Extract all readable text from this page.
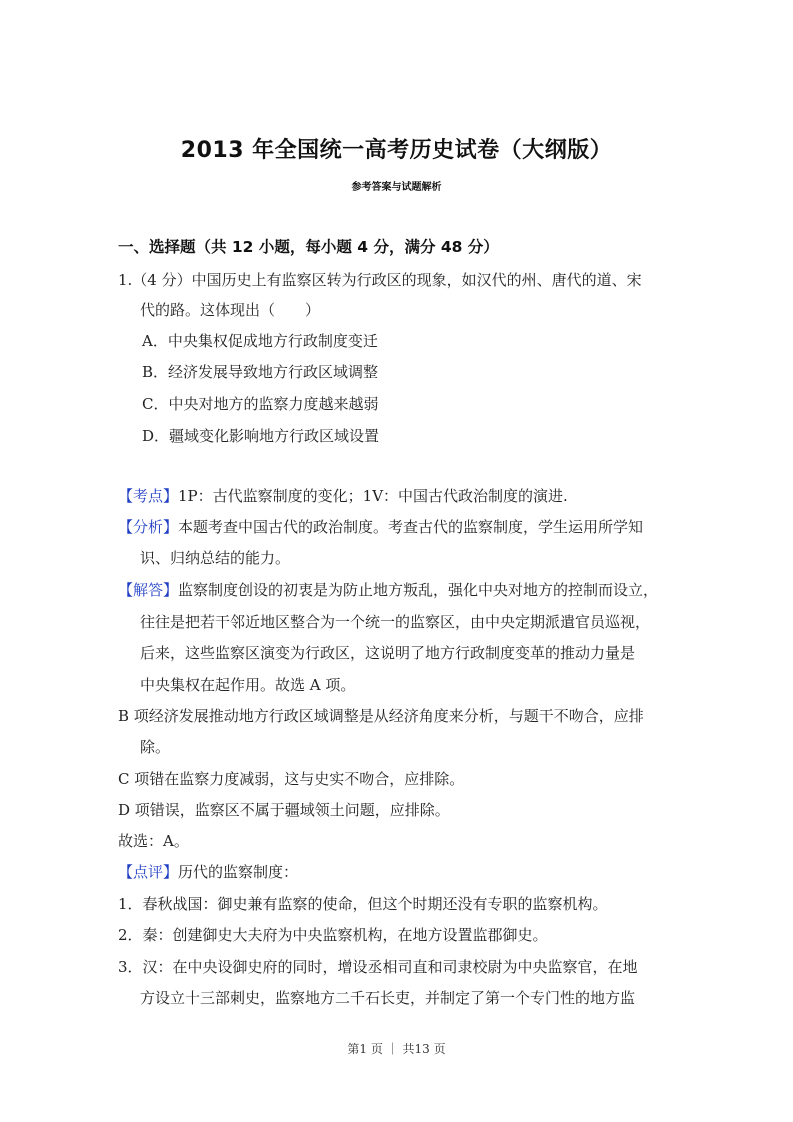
2013 年全国统一高考历史试卷（大纲版）
参考答案与试题解析
一、选择题（共 12 小题，每小题 4 分，满分 48 分）
1.（4 分）中国历史上有监察区转为行政区的现象，如汉代的州、唐代的道、宋
代的路。这体现出（　　）
A．中央集权促成地方行政制度变迁
B．经济发展导致地方行政区域调整
C．中央对地方的监察力度越来越弱
D．疆域变化影响地方行政区域设置
【考点】1P：古代监察制度的变化；1V：中国古代政治制度的演进.
【分析】本题考查中国古代的政治制度。考查古代的监察制度，学生运用所学知
识、归纳总结的能力。
【解答】监察制度创设的初衷是为防止地方叛乱，强化中央对地方的控制而设立，
往往是把若干邻近地区整合为一个统一的监察区，由中央定期派遣官员巡视，
后来，这些监察区演变为行政区，这说明了地方行政制度变革的推动力量是
中央集权在起作用。故选 A 项。
B 项经济发展推动地方行政区域调整是从经济角度来分析，与题干不吻合，应排
除。
C 项错在监察力度减弱，这与史实不吻合，应排除。
D 项错误，监察区不属于疆域领土问题，应排除。
故选：A。
【点评】历代的监察制度：
1．春秋战国：御史兼有监察的使命，但这个时期还没有专职的监察机构。
2．秦：创建御史大夫府为中央监察机构，在地方设置监郡御史。
3．汉：在中央设御史府的同时，增设丞相司直和司隶校尉为中央监察官，在地
方设立十三部刺史，监察地方二千石长吏，并制定了第一个专门性的地方监
第1 页 ｜ 共13 页
